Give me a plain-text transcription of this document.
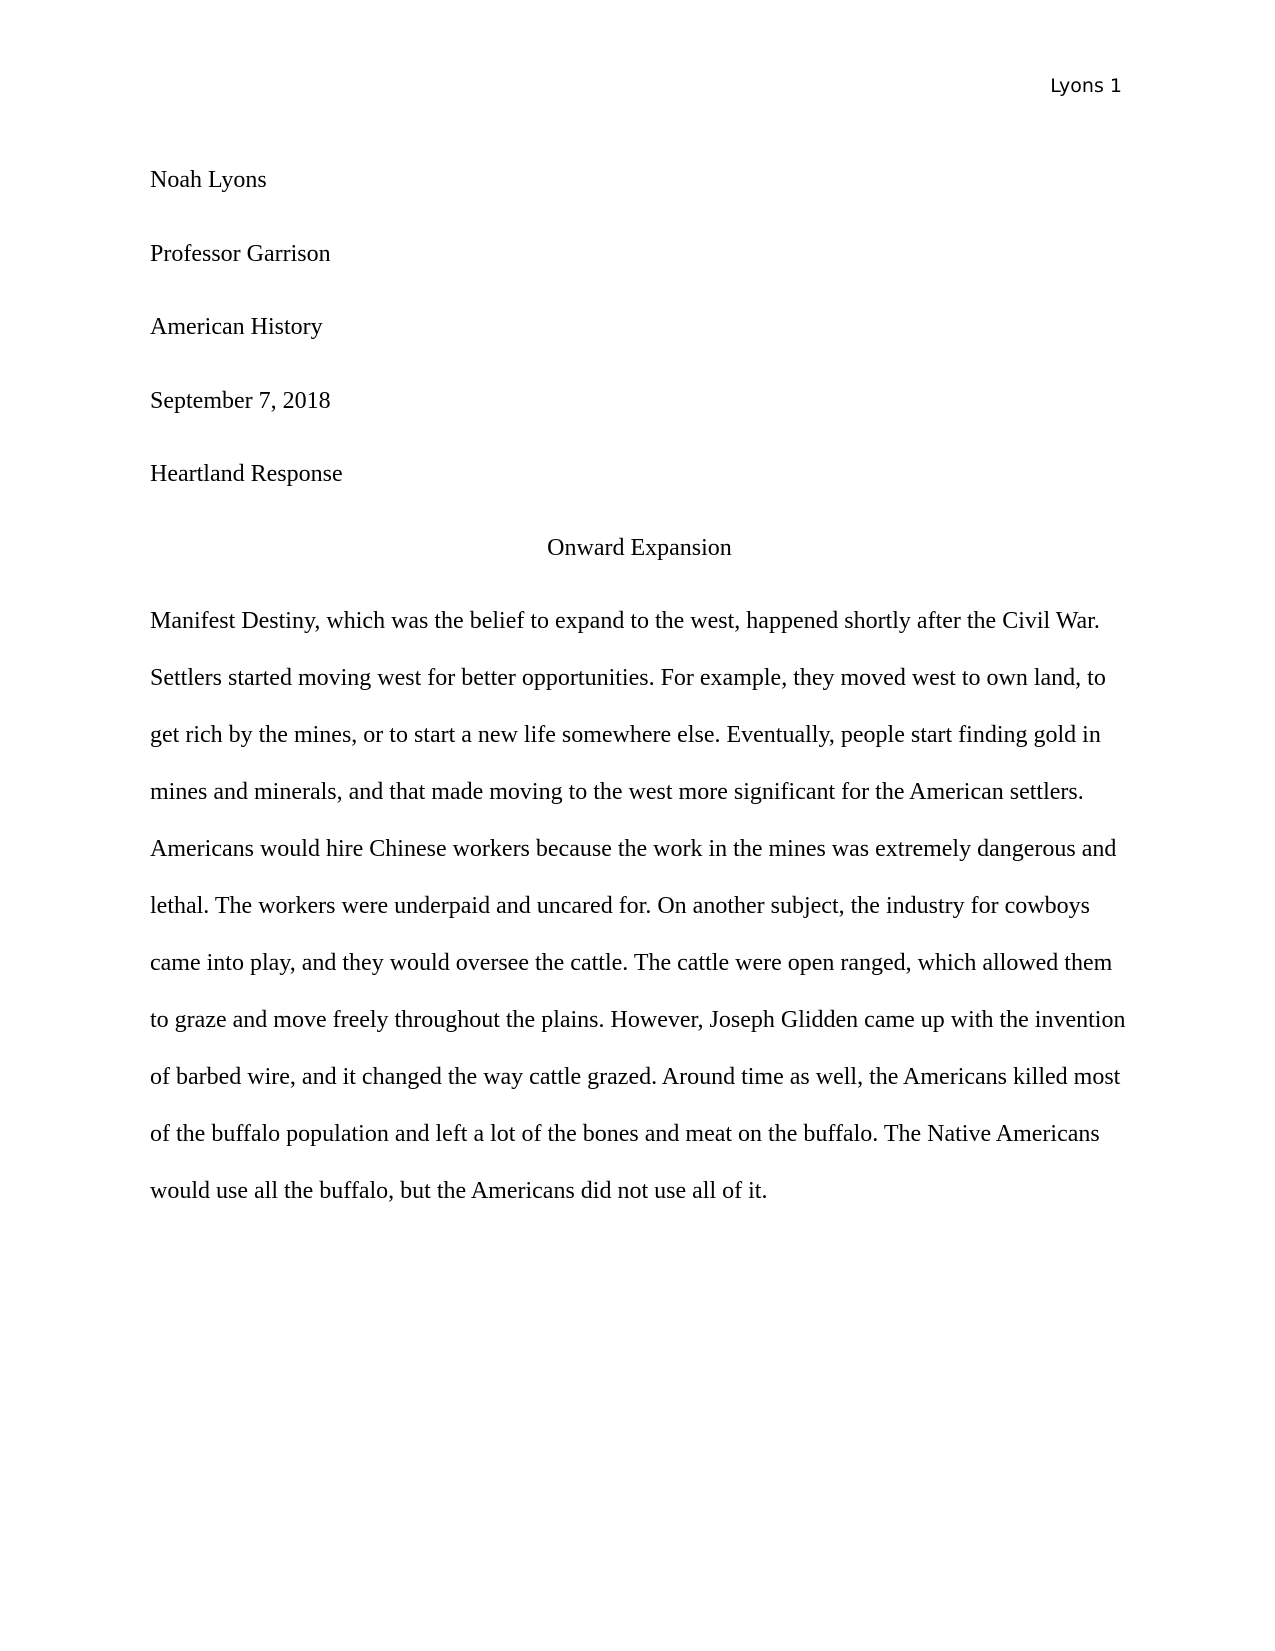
Lyons 1
Noah Lyons
Professor Garrison
American History
September 7, 2018
Heartland Response
Onward Expansion

Manifest Destiny, which was the belief to expand to the west, happened shortly after the Civil War. Settlers started moving west for better opportunities. For example, they moved west to own land, to get rich by the mines, or to start a new life somewhere else. Eventually, people start finding gold in mines and minerals, and that made moving to the west more significant for the American settlers. Americans would hire Chinese workers because the work in the mines was extremely dangerous and lethal. The workers were underpaid and uncared for. On another subject, the industry for cowboys came into play, and they would oversee the cattle. The cattle were open ranged, which allowed them to graze and move freely throughout the plains. However, Joseph Glidden came up with the invention of barbed wire, and it changed the way cattle grazed. Around time as well, the Americans killed most of the buffalo population and left a lot of the bones and meat on the buffalo. The Native Americans would use all the buffalo, but the Americans did not use all of it.
